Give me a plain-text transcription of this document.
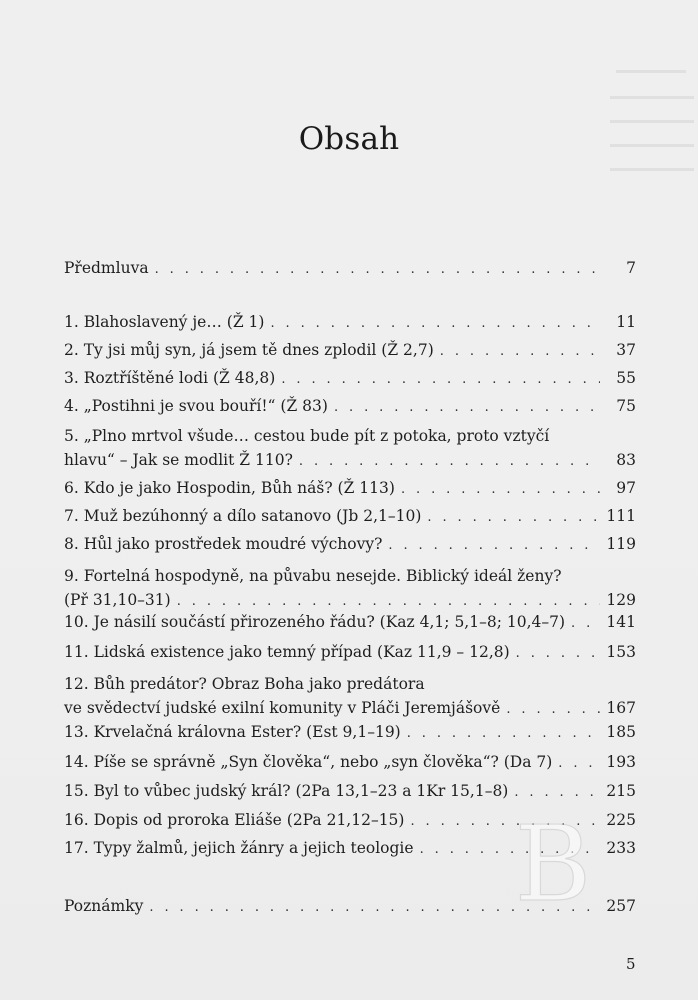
Obsah
Předmluva . . .	7
1. Blahoslavený je… (Ž 1) . . .	11
2. Ty jsi můj syn, já jsem tě dnes zplodil (Ž 2,7) . . .	37
3. Roztříštěné lodi (Ž 48,8) . . .	55
4. „Postihni je svou bouří!“ (Ž 83) . . .	75
5. „Plno mrtvol všude… cestou bude pít z potoka, proto vztyčí
hlavu“ – Jak se modlit Ž 110? . . .	83
6. Kdo je jako Hospodin, Bůh náš? (Ž 113) . . .	97
7. Muž bezúhonný a dílo satanovo (Jb 2,1–10) . . .	111
8. Hůl jako prostředek moudré výchovy? . . .	119
9. Fortelná hospodyně, na půvabu nesejde. Biblický ideál ženy?
(Př 31,10–31) . . .	129
10. Je násilí součástí přirozeného řádu? (Kaz 4,1; 5,1–8; 10,4–7) . . .	141
11. Lidská existence jako temný případ (Kaz 11,9 – 12,8) . . .	153
12. Bůh predátor? Obraz Boha jako predátora
ve svědectví judské exilní komunity v Pláči Jeremjášově . . .	167
13. Krvelačná královna Ester? (Est 9,1–19) . . .	185
14. Píše se správně „Syn člověka“, nebo „syn člověka“? (Da 7) . . .	193
15. Byl to vůbec judský král? (2Pa 13,1–23 a 1Kr 15,1–8) . . .	215
16. Dopis od proroka Eliáše (2Pa 21,12–15) . . .	225
17. Typy žalmů, jejich žánry a jejich teologie . . .	233
Poznámky . . .	257
B
5
